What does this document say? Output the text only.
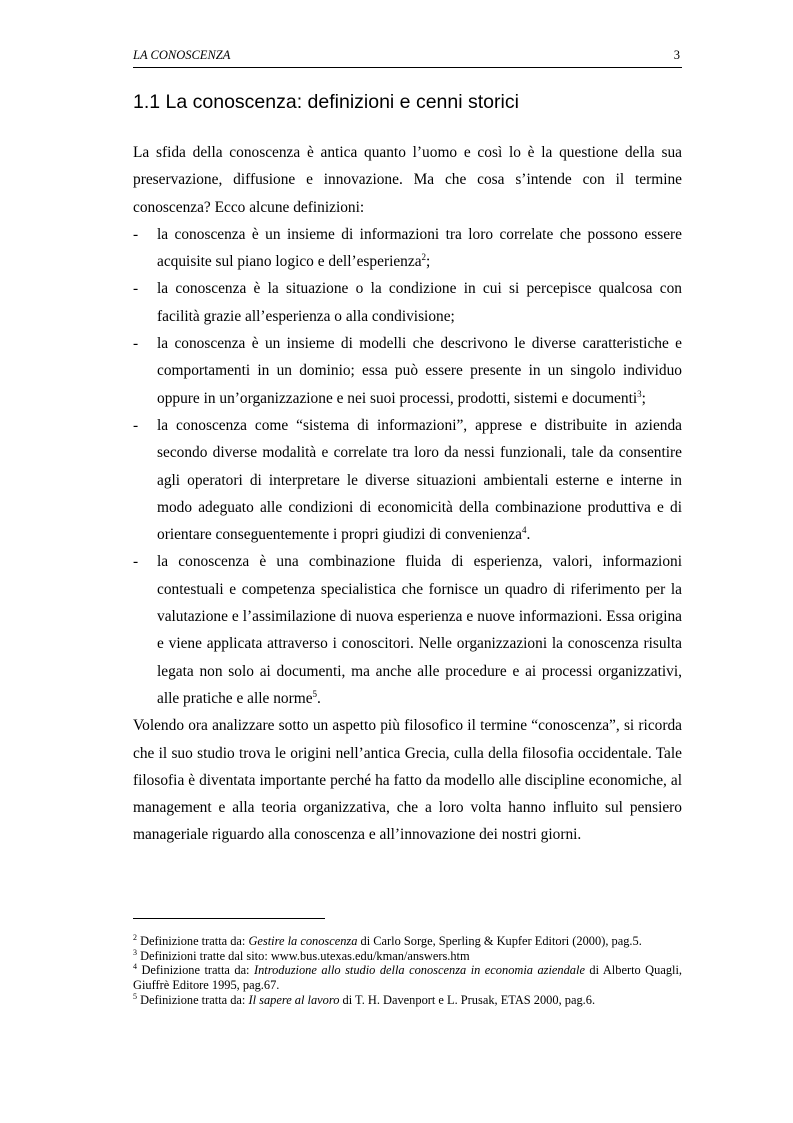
LA CONOSCENZA	3
1.1 La conoscenza: definizioni e cenni storici

La sfida della conoscenza è antica quanto l’uomo e così lo è la questione della sua preservazione, diffusione e innovazione. Ma che cosa s’intende con il termine conoscenza? Ecco alcune definizioni:

- la conoscenza è un insieme di informazioni tra loro correlate che possono essere acquisite sul piano logico e dell’esperienza$^2$;
- la conoscenza è la situazione o la condizione in cui si percepisce qualcosa con facilità grazie all’esperienza o alla condivisione;
- la conoscenza è un insieme di modelli che descrivono le diverse caratteristiche e comportamenti in un dominio; essa può essere presente in un singolo individuo oppure in un’organizzazione e nei suoi processi, prodotti, sistemi e documenti$^3$;
- la conoscenza come “sistema di informazioni”, apprese e distribuite in azienda secondo diverse modalità e correlate tra loro da nessi funzionali, tale da consentire agli operatori di interpretare le diverse situazioni ambientali esterne e interne in modo adeguato alle condizioni di economicità della combinazione produttiva e di orientare conseguentemente i propri giudizi di convenienza$^4$.
- la conoscenza è una combinazione fluida di esperienza, valori, informazioni contestuali e competenza specialistica che fornisce un quadro di riferimento per la valutazione e l’assimilazione di nuova esperienza e nuove informazioni. Essa origina e viene applicata attraverso i conoscitori. Nelle organizzazioni la conoscenza risulta legata non solo ai documenti, ma anche alle procedure e ai processi organizzativi, alle pratiche e alle norme$^5$.

Volendo ora analizzare sotto un aspetto più filosofico il termine “conoscenza”, si ricorda che il suo studio trova le origini nell’antica Grecia, culla della filosofia occidentale. Tale filosofia è diventata importante perché ha fatto da modello alle discipline economiche, al management e alla teoria organizzativa, che a loro volta hanno influito sul pensiero manageriale riguardo alla conoscenza e all’innovazione dei nostri giorni.

$^2$ Definizione tratta da: Gestire la conoscenza di Carlo Sorge, Sperling & Kupfer Editori (2000), pag.5.

$^3$ Definizioni tratte dal sito: www.bus.utexas.edu/kman/answers.htm

$^4$ Definizione tratta da: Introduzione allo studio della conoscenza in economia aziendale di Alberto Quagli, Giuffrè Editore 1995, pag.67.

$^5$ Definizione tratta da: Il sapere al lavoro di T. H. Davenport e L. Prusak, ETAS 2000, pag.6.
